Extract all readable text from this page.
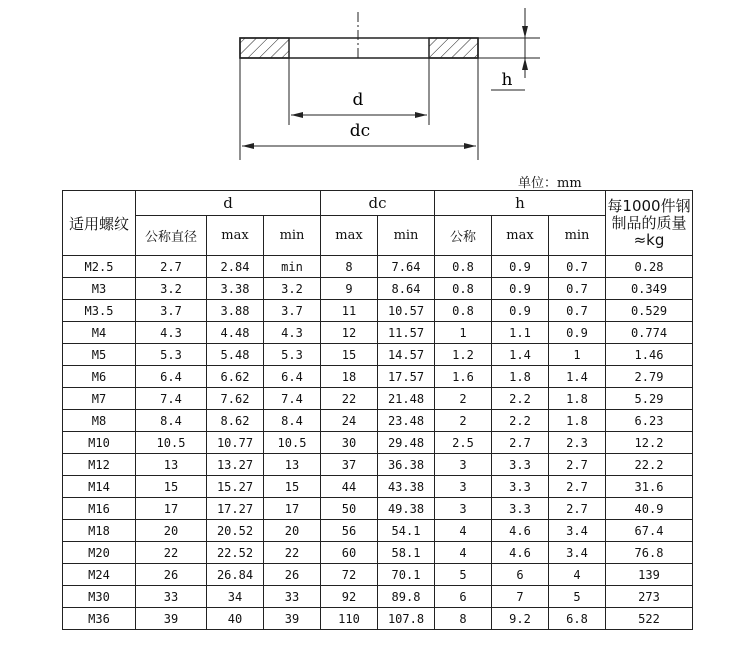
d
dc
h
单位：mm
适用螺纹	d			dc		h			每1000件钢制品的质量≈kg
	公称直径	max	min	max	min	公称	max	min	
M2.5	2.7	2.84	min	8	7.64	0.8	0.9	0.7	0.28
M3	3.2	3.38	3.2	9	8.64	0.8	0.9	0.7	0.349
M3.5	3.7	3.88	3.7	11	10.57	0.8	0.9	0.7	0.529
M4	4.3	4.48	4.3	12	11.57	1	1.1	0.9	0.774
M5	5.3	5.48	5.3	15	14.57	1.2	1.4	1	1.46
M6	6.4	6.62	6.4	18	17.57	1.6	1.8	1.4	2.79
M7	7.4	7.62	7.4	22	21.48	2	2.2	1.8	5.29
M8	8.4	8.62	8.4	24	23.48	2	2.2	1.8	6.23
M10	10.5	10.77	10.5	30	29.48	2.5	2.7	2.3	12.2
M12	13	13.27	13	37	36.38	3	3.3	2.7	22.2
M14	15	15.27	15	44	43.38	3	3.3	2.7	31.6
M16	17	17.27	17	50	49.38	3	3.3	2.7	40.9
M18	20	20.52	20	56	54.1	4	4.6	3.4	67.4
M20	22	22.52	22	60	58.1	4	4.6	3.4	76.8
M24	26	26.84	26	72	70.1	5	6	4	139
M30	33	34	33	92	89.8	6	7	5	273
M36	39	40	39	110	107.8	8	9.2	6.8	522
